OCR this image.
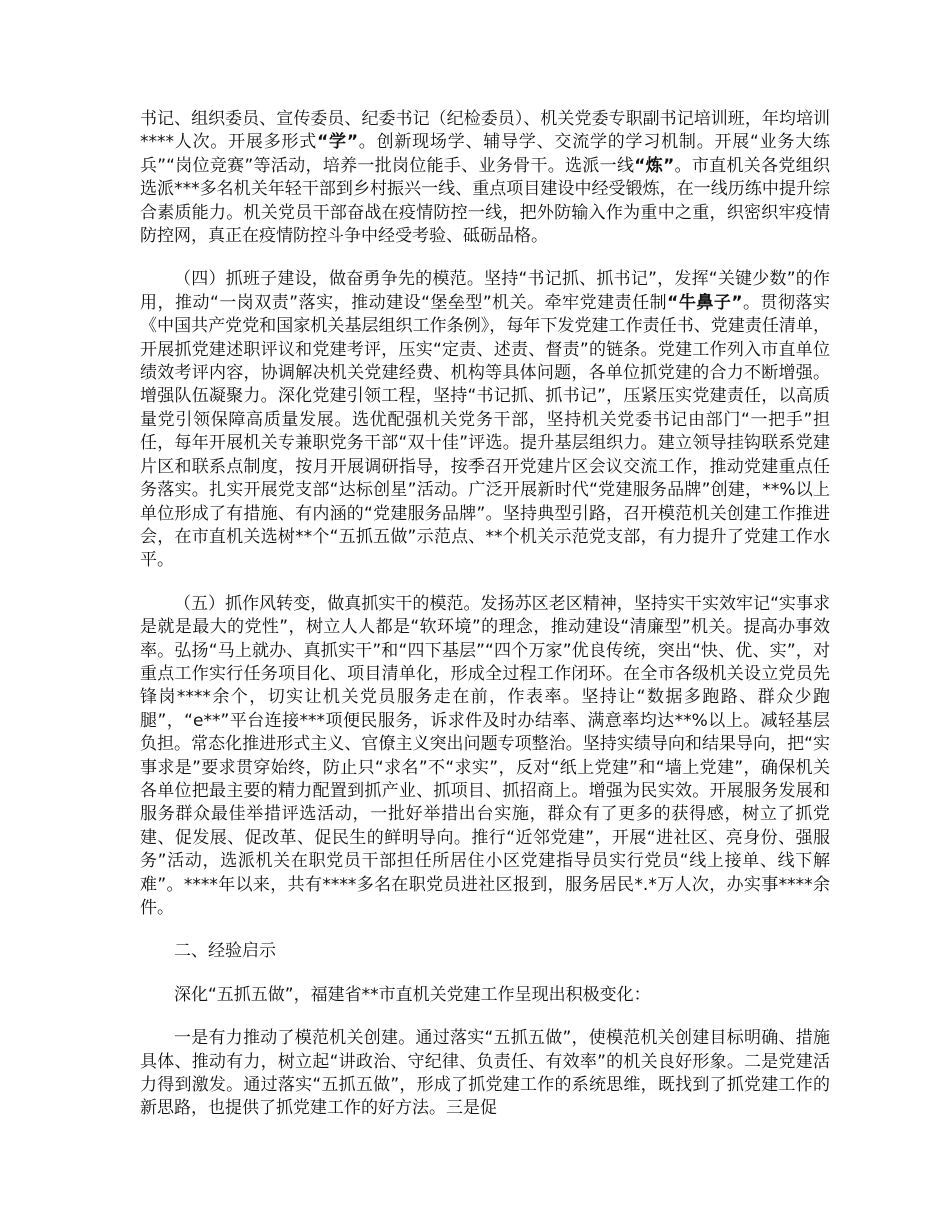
书记、组织委员、宣传委员、纪委书记（纪检委员）、机关党委专职副书记培训班，年均培训****人次。开展多形式“学”。创新现场学、辅导学、交流学的学习机制。开展“业务大练兵”“岗位竞赛”等活动，培养一批岗位能手、业务骨干。选派一线“炼”。市直机关各党组织选派***多名机关年轻干部到乡村振兴一线、重点项目建设中经受锻炼，在一线历练中提升综合素质能力。机关党员干部奋战在疫情防控一线，把外防输入作为重中之重，织密织牢疫情防控网，真正在疫情防控斗争中经受考验、砥砺品格。

（四）抓班子建设，做奋勇争先的模范。坚持“书记抓、抓书记”，发挥“关键少数”的作用，推动“一岗双责”落实，推动建设“堡垒型”机关。牵牢党建责任制“牛鼻子”。贯彻落实《中国共产党党和国家机关基层组织工作条例》，每年下发党建工作责任书、党建责任清单，开展抓党建述职评议和党建考评，压实“定责、述责、督责”的链条。党建工作列入市直单位绩效考评内容，协调解决机关党建经费、机构等具体问题，各单位抓党建的合力不断增强。增强队伍凝聚力。深化党建引领工程，坚持“书记抓、抓书记”，压紧压实党建责任，以高质量党引领保障高质量发展。选优配强机关党务干部，坚持机关党委书记由部门“一把手”担任，每年开展机关专兼职党务干部“双十佳”评选。提升基层组织力。建立领导挂钩联系党建片区和联系点制度，按月开展调研指导，按季召开党建片区会议交流工作，推动党建重点任务落实。扎实开展党支部“达标创星”活动。广泛开展新时代“党建服务品牌”创建，**%以上单位形成了有措施、有内涵的“党建服务品牌”。坚持典型引路，召开模范机关创建工作推进会，在市直机关选树**个“五抓五做”示范点、**个机关示范党支部，有力提升了党建工作水平。

（五）抓作风转变，做真抓实干的模范。发扬苏区老区精神，坚持实干实效牢记“实事求是就是最大的党性”，树立人人都是“软环境”的理念，推动建设“清廉型”机关。提高办事效率。弘扬“马上就办、真抓实干”和“四下基层”“四个万家”优良传统，突出“快、优、实”，对重点工作实行任务项目化、项目清单化，形成全过程工作闭环。在全市各级机关设立党员先锋岗****余个，切实让机关党员服务走在前，作表率。坚持让“数据多跑路、群众少跑腿”，“e**”平台连接***项便民服务，诉求件及时办结率、满意率均达**%以上。减轻基层负担。常态化推进形式主义、官僚主义突出问题专项整治。坚持实绩导向和结果导向，把“实事求是”要求贯穿始终，防止只“求名”不“求实”，反对“纸上党建”和“墙上党建”，确保机关各单位把最主要的精力配置到抓产业、抓项目、抓招商上。增强为民实效。开展服务发展和服务群众最佳举措评选活动，一批好举措出台实施，群众有了更多的获得感，树立了抓党建、促发展、促改革、促民生的鲜明导向。推行“近邻党建”，开展“进社区、亮身份、强服务”活动，选派机关在职党员干部担任所居住小区党建指导员实行党员“线上接单、线下解难”。****年以来，共有****多名在职党员进社区报到，服务居民*.*万人次，办实事****余件。

二、经验启示

深化“五抓五做”，福建省**市直机关党建工作呈现出积极变化：

一是有力推动了模范机关创建。通过落实“五抓五做”，使模范机关创建目标明确、措施具体、推动有力，树立起“讲政治、守纪律、负责任、有效率”的机关良好形象。二是党建活力得到激发。通过落实“五抓五做”，形成了抓党建工作的系统思维，既找到了抓党建工作的新思路，也提供了抓党建工作的好方法。三是促
